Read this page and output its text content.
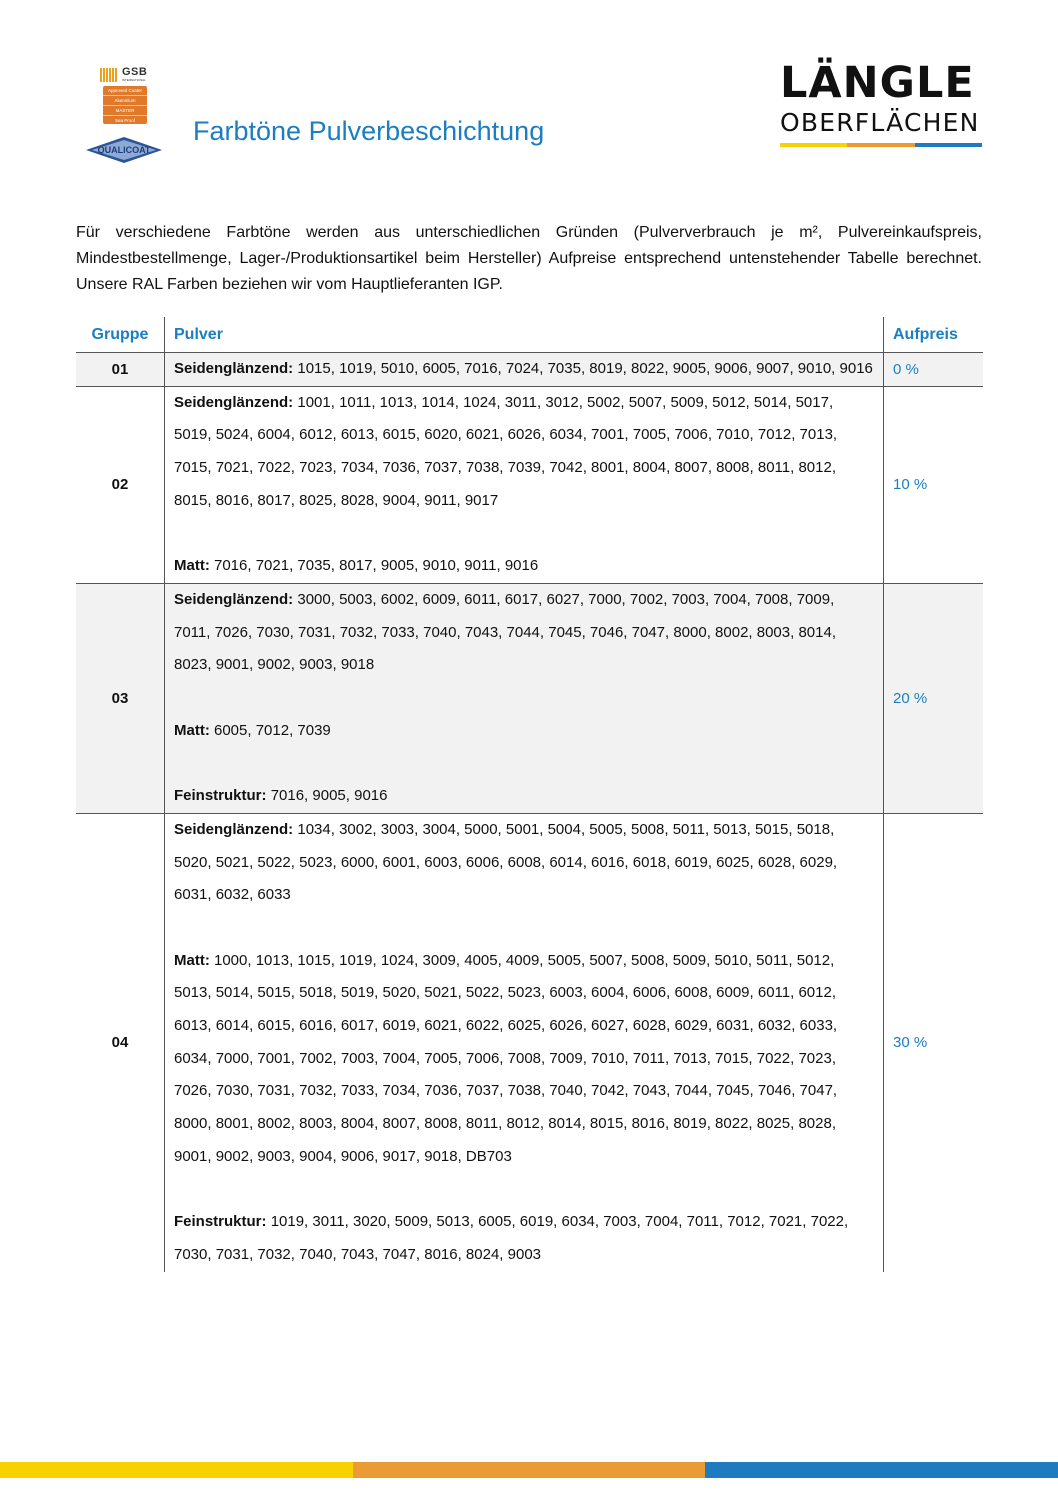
GSB
INTERNATIONAL
Approved Coater
Aluminium
MASTER
Sea Proof
QUALICOAT
Farbtöne Pulverbeschichtung
LÄNGLE
OBERFLÄCHEN

Für verschiedene Farbtöne werden aus unterschiedlichen Gründen (Pulververbrauch je m², Pulvereinkaufspreis, Mindestbestellmenge, Lager-/Produktionsartikel beim Hersteller) Aufpreise entsprechend untenstehender Tabelle berechnet. Unsere RAL Farben beziehen wir vom Hauptlieferanten IGP.

Gruppe	Pulver	Aufpreis
01	Seidenglänzend: 1015, 1019, 5010, 6005, 7016, 7024, 7035, 8019, 8022, 9005, 9006, 9007, 9010, 9016	0 %
02	Seidenglänzend: 1001, 1011, 1013, 1014, 1024, 3011, 3012, 5002, 5007, 5009, 5012, 5014, 5017, 5019, 5024, 6004, 6012, 6013, 6015, 6020, 6021, 6026, 6034, 7001, 7005, 7006, 7010, 7012, 7013, 7015, 7021, 7022, 7023, 7034, 7036, 7037, 7038, 7039, 7042, 8001, 8004, 8007, 8008, 8011, 8012, 8015, 8016, 8017, 8025, 8028, 9004, 9011, 9017
Matt: 7016, 7021, 7035, 8017, 9005, 9010, 9011, 9016	10 %
03	Seidenglänzend: 3000, 5003, 6002, 6009, 6011, 6017, 6027, 7000, 7002, 7003, 7004, 7008, 7009, 7011, 7026, 7030, 7031, 7032, 7033, 7040, 7043, 7044, 7045, 7046, 7047, 8000, 8002, 8003, 8014, 8023, 9001, 9002, 9003, 9018
Matt: 6005, 7012, 7039
Feinstruktur: 7016, 9005, 9016	20 %
04	Seidenglänzend: 1034, 3002, 3003, 3004, 5000, 5001, 5004, 5005, 5008, 5011, 5013, 5015, 5018, 5020, 5021, 5022, 5023, 6000, 6001, 6003, 6006, 6008, 6014, 6016, 6018, 6019, 6025, 6028, 6029, 6031, 6032, 6033
Matt: 1000, 1013, 1015, 1019, 1024, 3009, 4005, 4009, 5005, 5007, 5008, 5009, 5010, 5011, 5012, 5013, 5014, 5015, 5018, 5019, 5020, 5021, 5022, 5023, 6003, 6004, 6006, 6008, 6009, 6011, 6012, 6013, 6014, 6015, 6016, 6017, 6019, 6021, 6022, 6025, 6026, 6027, 6028, 6029, 6031, 6032, 6033, 6034, 7000, 7001, 7002, 7003, 7004, 7005, 7006, 7008, 7009, 7010, 7011, 7013, 7015, 7022, 7023, 7026, 7030, 7031, 7032, 7033, 7034, 7036, 7037, 7038, 7040, 7042, 7043, 7044, 7045, 7046, 7047, 8000, 8001, 8002, 8003, 8004, 8007, 8008, 8011, 8012, 8014, 8015, 8016, 8019, 8022, 8025, 8028, 9001, 9002, 9003, 9004, 9006, 9017, 9018, DB703
Feinstruktur: 1019, 3011, 3020, 5009, 5013, 6005, 6019, 6034, 7003, 7004, 7011, 7012, 7021, 7022, 7030, 7031, 7032, 7040, 7043, 7047, 8016, 8024, 9003	30 %
